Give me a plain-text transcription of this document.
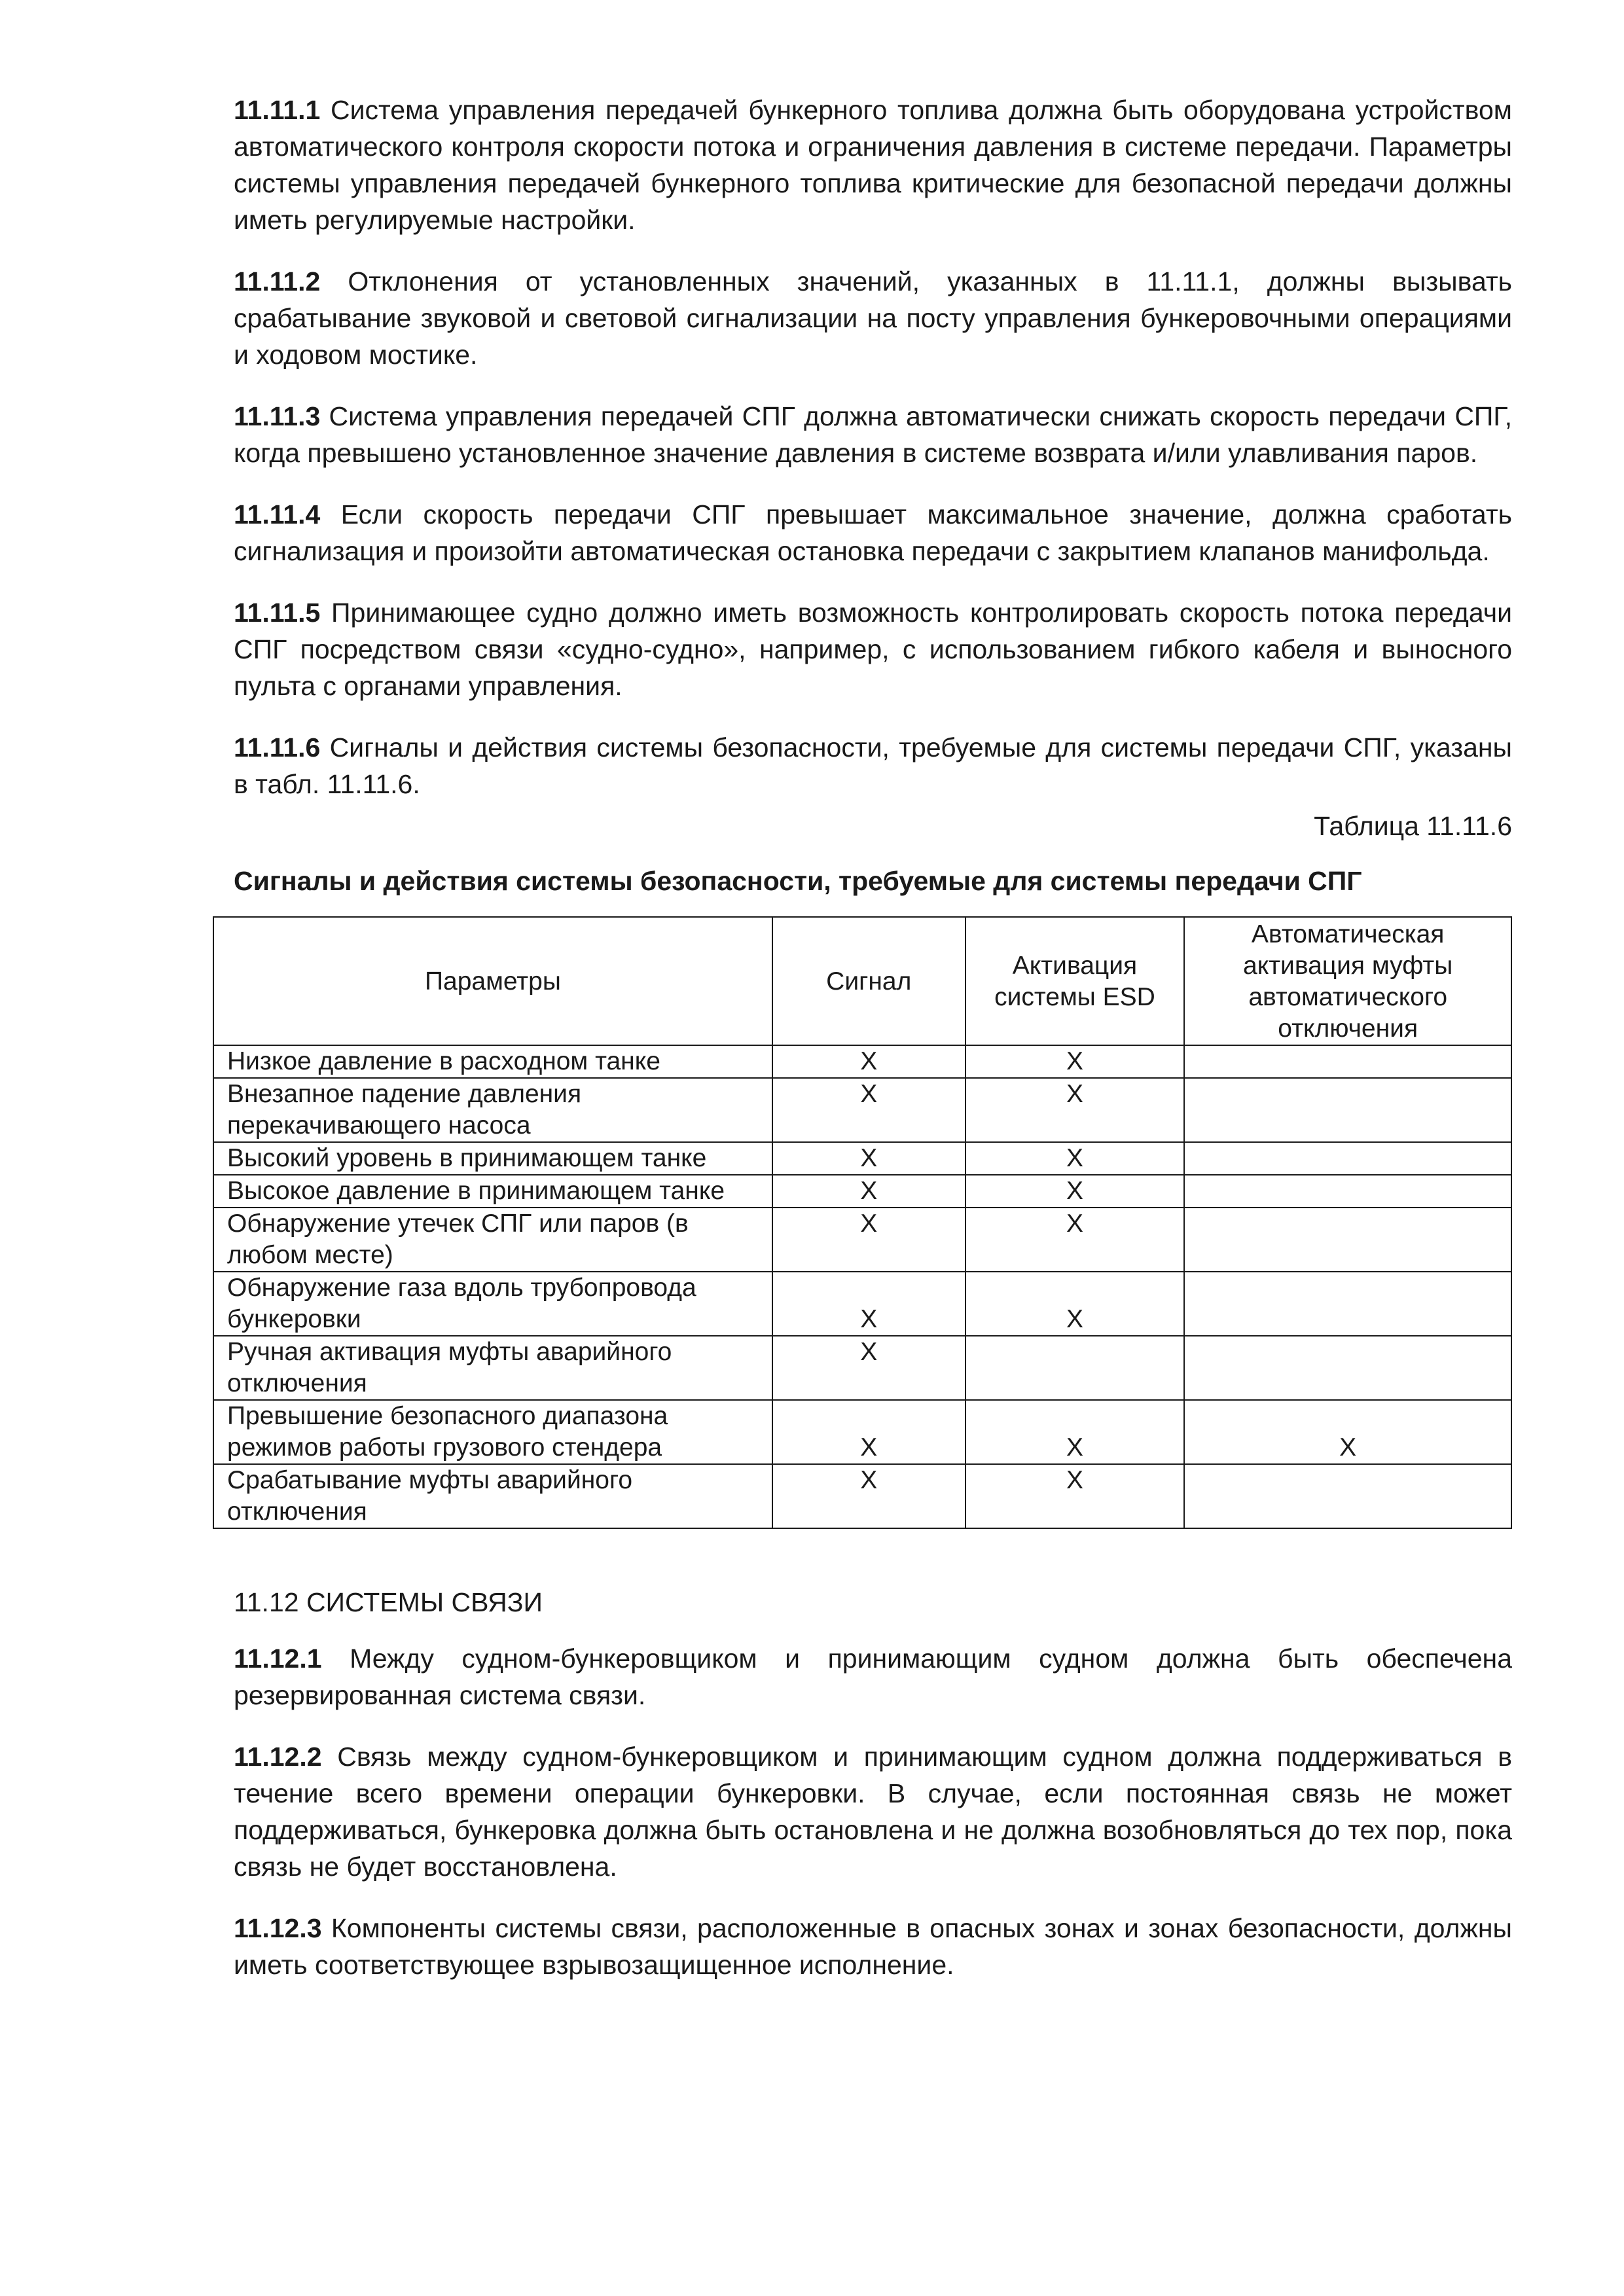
11.11.1 Система управления передачей бункерного топлива должна быть оборудована устройством автоматического контроля скорости потока и ограничения давления в системе передачи. Параметры системы управления передачей бункерного топлива критические для безопасной передачи должны иметь регулируемые настройки.

11.11.2 Отклонения от установленных значений, указанных в 11.11.1, должны вызывать срабатывание звуковой и световой сигнализации на посту управления бункеровочными операциями и ходовом мостике.

11.11.3 Система управления передачей СПГ должна автоматически снижать скорость передачи СПГ, когда превышено установленное значение давления в системе возврата и/или улавливания паров.

11.11.4 Если скорость передачи СПГ превышает максимальное значение, должна сработать сигнализация и произойти автоматическая остановка передачи с закрытием клапанов манифольда.

11.11.5 Принимающее судно должно иметь возможность контролировать скорость потока передачи СПГ посредством связи «судно-судно», например, с использованием гибкого кабеля и выносного пульта с органами управления.

11.11.6 Сигналы и действия системы безопасности, требуемые для системы передачи СПГ, указаны в табл. 11.11.6.

Таблица 11.11.6
Сигналы и действия системы безопасности, требуемые для системы передачи СПГ
Параметры	Сигнал	Активация системы ESD	Автоматическая активация муфты автоматического отключения
Низкое давление в расходном танке	X	X	
Внезапное падение давления перекачивающего насоса	X	X	
Высокий уровень в принимающем танке	X	X	
Высокое давление в принимающем танке	X	X	
Обнаружение утечек СПГ или паров (в любом месте)	X	X	
Обнаружение газа вдоль трубопровода бункеровки	X	X	
Ручная активация муфты аварийного отключения	X		
Превышение безопасного диапазона режимов работы грузового стендера	X	X	X
Срабатывание муфты аварийного отключения	X	X	
11.12 СИСТЕМЫ СВЯЗИ

11.12.1 Между судном-бункеровщиком и принимающим судном должна быть обеспечена резервированная система связи.

11.12.2 Связь между судном-бункеровщиком и принимающим судном должна поддерживаться в течение всего времени операции бункеровки. В случае, если постоянная связь не может поддерживаться, бункеровка должна быть остановлена и не должна возобновляться до тех пор, пока связь не будет восстановлена.

11.12.3 Компоненты системы связи, расположенные в опасных зонах и зонах безопасности, должны иметь соответствующее взрывозащищенное исполнение.
